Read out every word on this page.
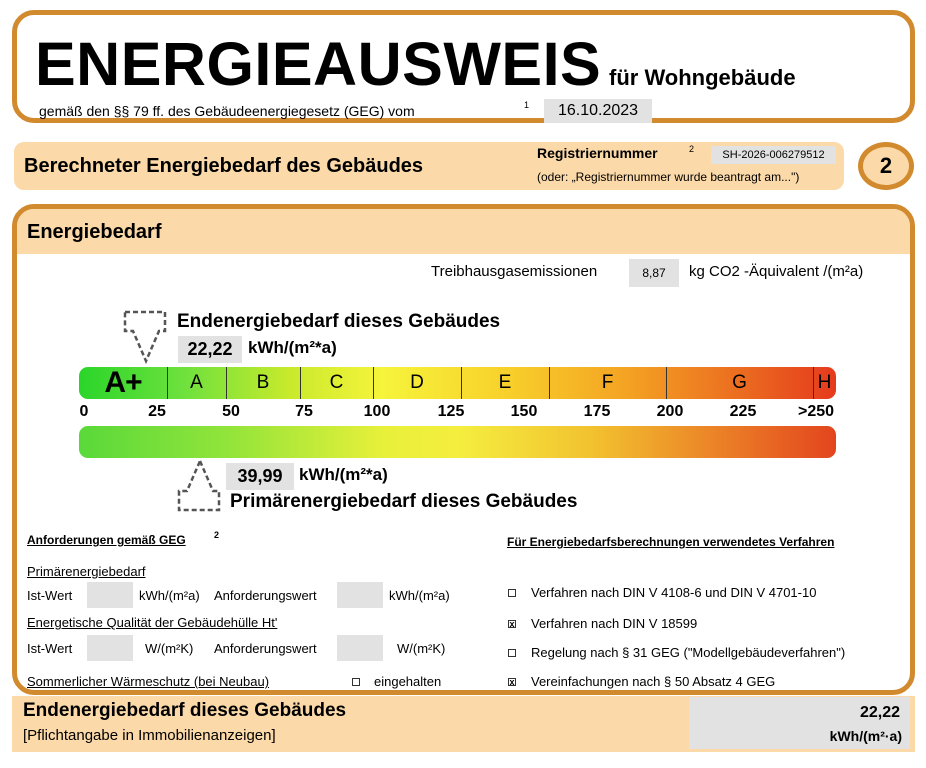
ENERGIEAUSWEIS für Wohngebäude
gemäß den §§ 79 ff. des Gebäudeenergiegesetz (GEG) vom	1	16.10.2023
Berechneter Energiebedarf des Gebäudes
Registriernummer	2	SH-2026-006279512
(oder: „Registriernummer wurde beantragt am...")	2
Energiebedarf
Treibhausgasemissionen	8,87	kg CO2 -Äquivalent /(m²a)
Endenergiebedarf dieses Gebäudes
22,22 kWh/(m²*a)
A+	A	B	C	D	E	F	G	H
0	25	50	75	100	125	150	175	200	225	>250
39,99 kWh/(m²*a)
Primärenergiebedarf dieses Gebäudes
Anforderungen gemäß GEG	2
Primärenergiebedarf
Ist-Wert	kWh/(m²a) Anforderungswert	kWh/(m²a)
Energetische Qualität der Gebäudehülle Ht'
Ist-Wert	W/(m²K) Anforderungswert	W/(m²K)
Sommerlicher Wärmeschutz (bei Neubau)	eingehalten
Für Energiebedarfsberechnungen verwendetes Verfahren
Verfahren nach DIN V 4108-6 und DIN V 4701-10
x Verfahren nach DIN V 18599
Regelung nach § 31 GEG ("Modellgebäudeverfahren")
x Vereinfachungen nach § 50 Absatz 4 GEG
Endenergiebedarf dieses Gebäudes
[Pflichtangabe in Immobilienanzeigen]
22,22
kWh/(m²·a)
